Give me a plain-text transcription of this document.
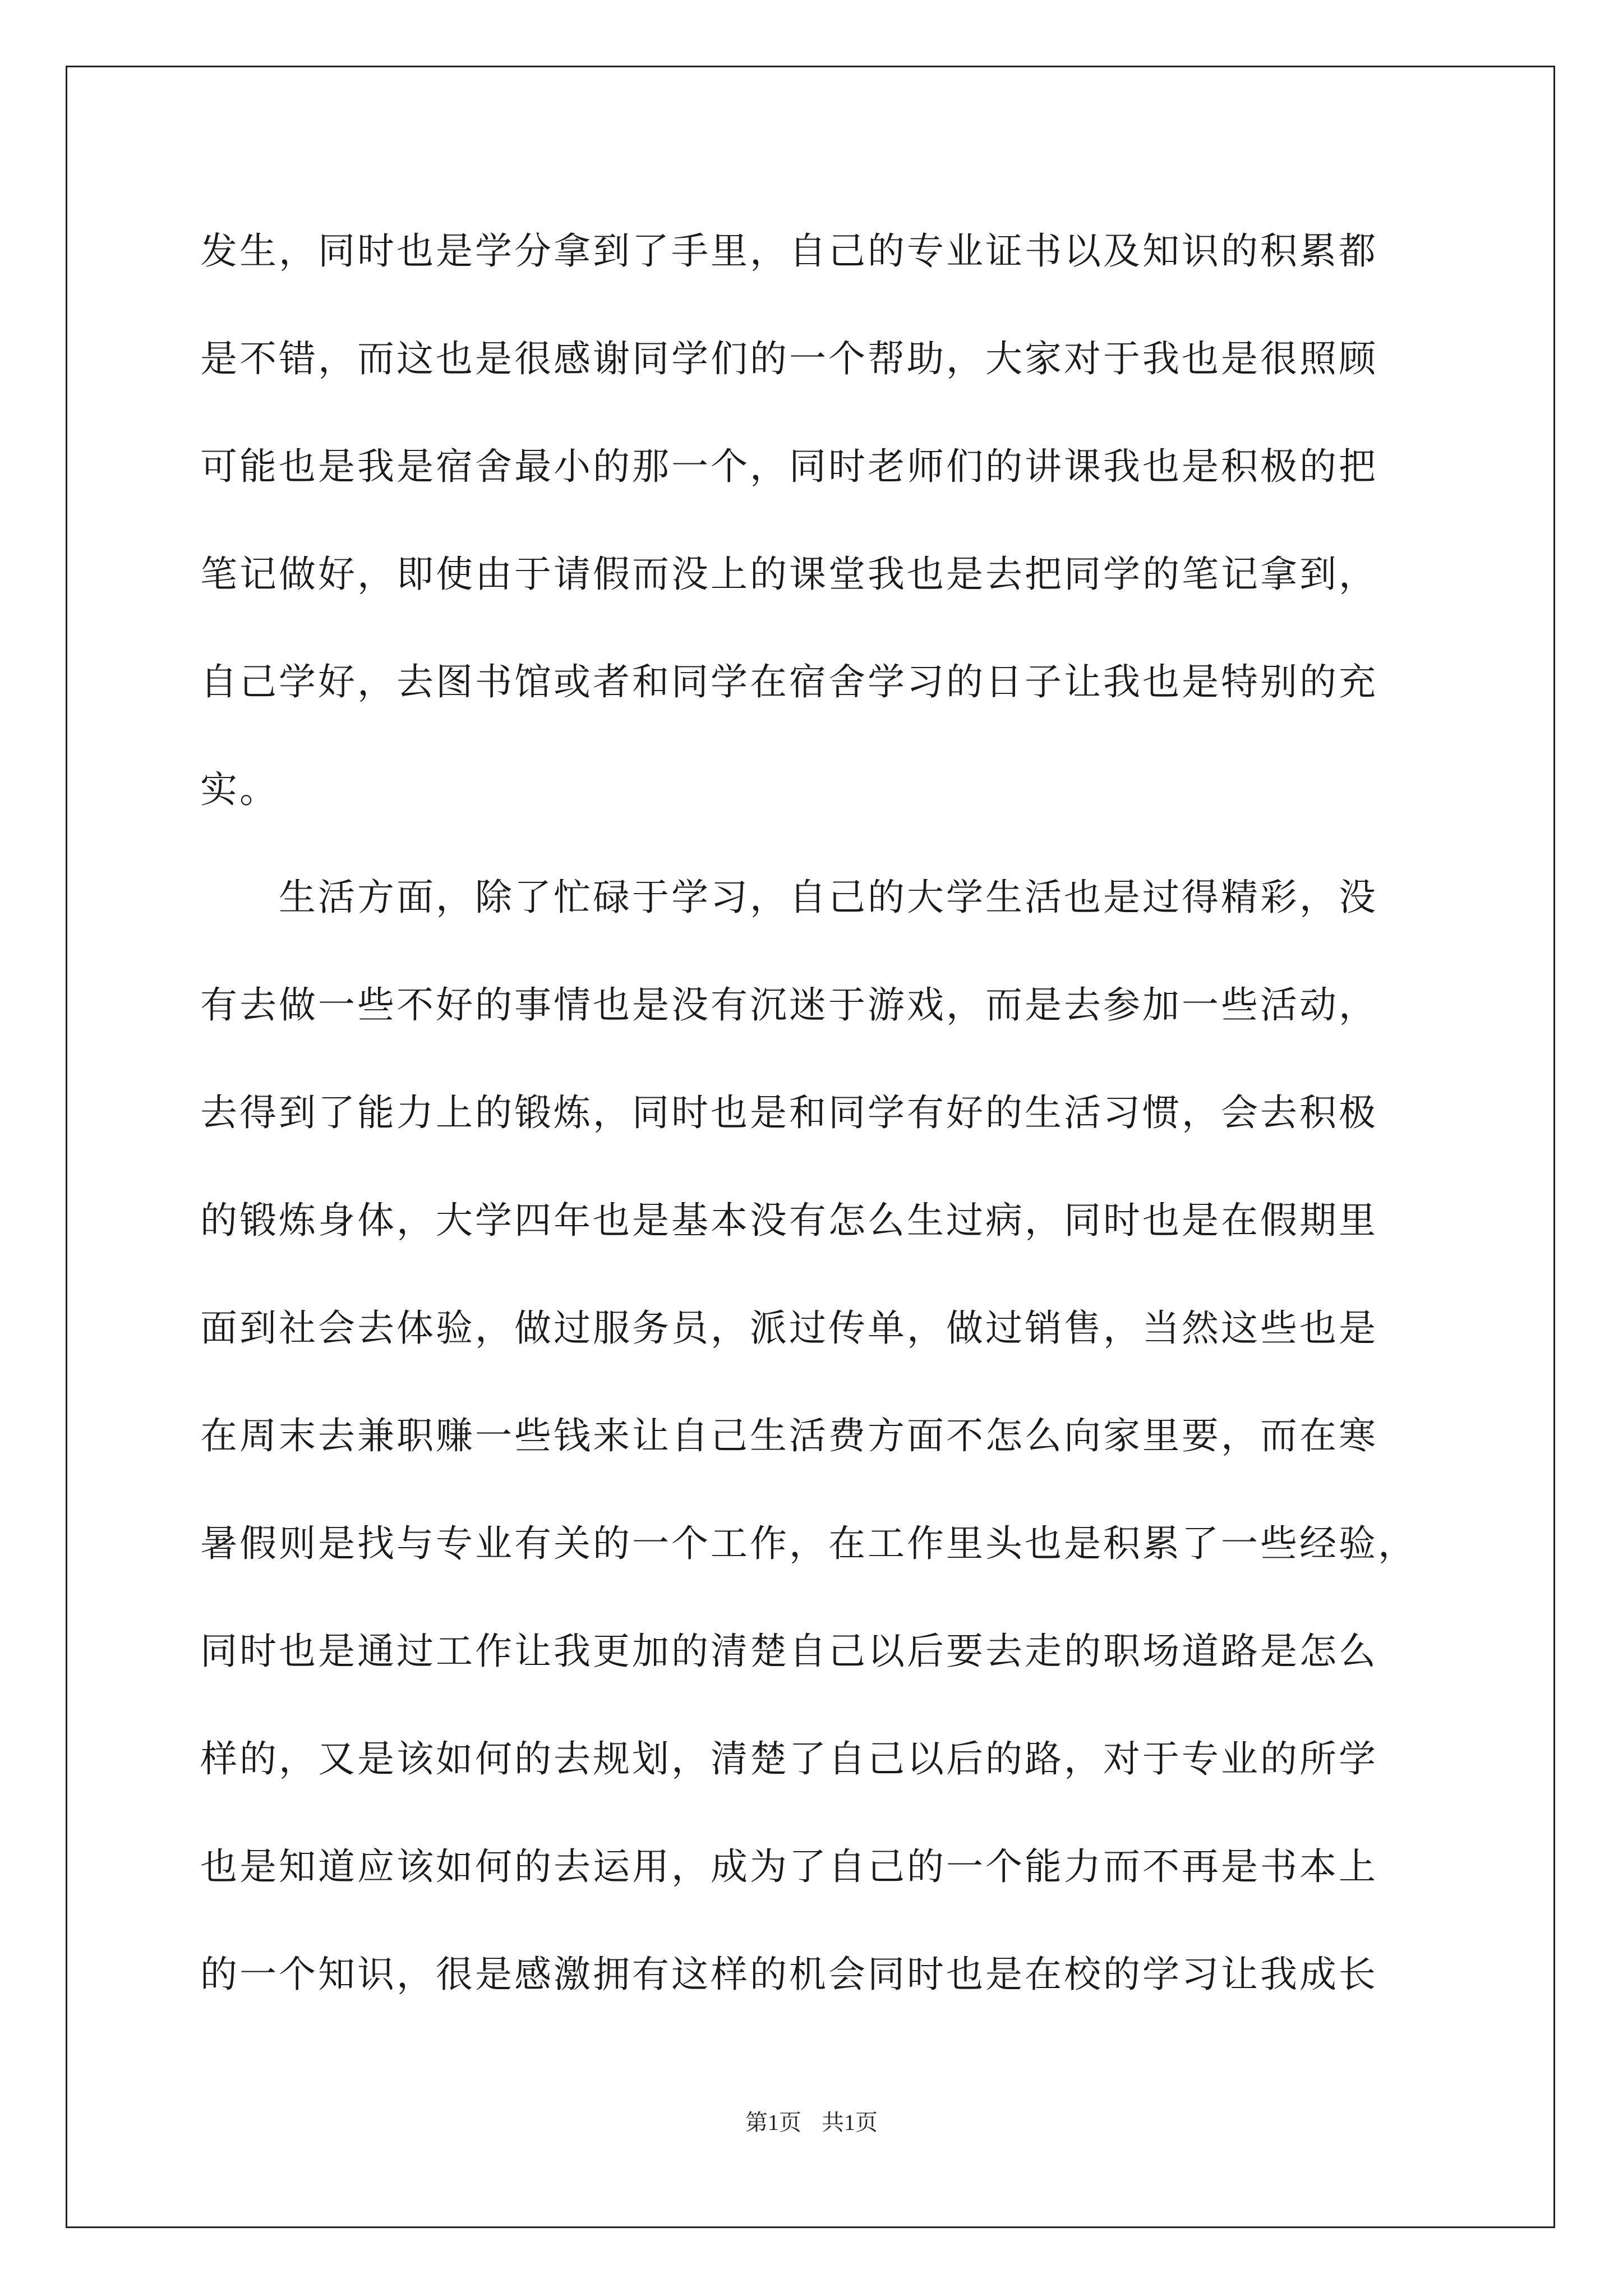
发生，同时也是学分拿到了手里，自己的专业证书以及知识的积累都
是不错，而这也是很感谢同学们的一个帮助，大家对于我也是很照顾
可能也是我是宿舍最小的那一个，同时老师们的讲课我也是积极的把
笔记做好，即使由于请假而没上的课堂我也是去把同学的笔记拿到，
自己学好，去图书馆或者和同学在宿舍学习的日子让我也是特别的充
实。
　　生活方面，除了忙碌于学习，自己的大学生活也是过得精彩，没
有去做一些不好的事情也是没有沉迷于游戏，而是去参加一些活动，
去得到了能力上的锻炼，同时也是和同学有好的生活习惯，会去积极
的锻炼身体，大学四年也是基本没有怎么生过病，同时也是在假期里
面到社会去体验，做过服务员，派过传单，做过销售，当然这些也是
在周末去兼职赚一些钱来让自己生活费方面不怎么向家里要，而在寒
暑假则是找与专业有关的一个工作，在工作里头也是积累了一些经验，
同时也是通过工作让我更加的清楚自己以后要去走的职场道路是怎么
样的，又是该如何的去规划，清楚了自己以后的路，对于专业的所学
也是知道应该如何的去运用，成为了自己的一个能力而不再是书本上
的一个知识，很是感激拥有这样的机会同时也是在校的学习让我成长
第1页 共1页
